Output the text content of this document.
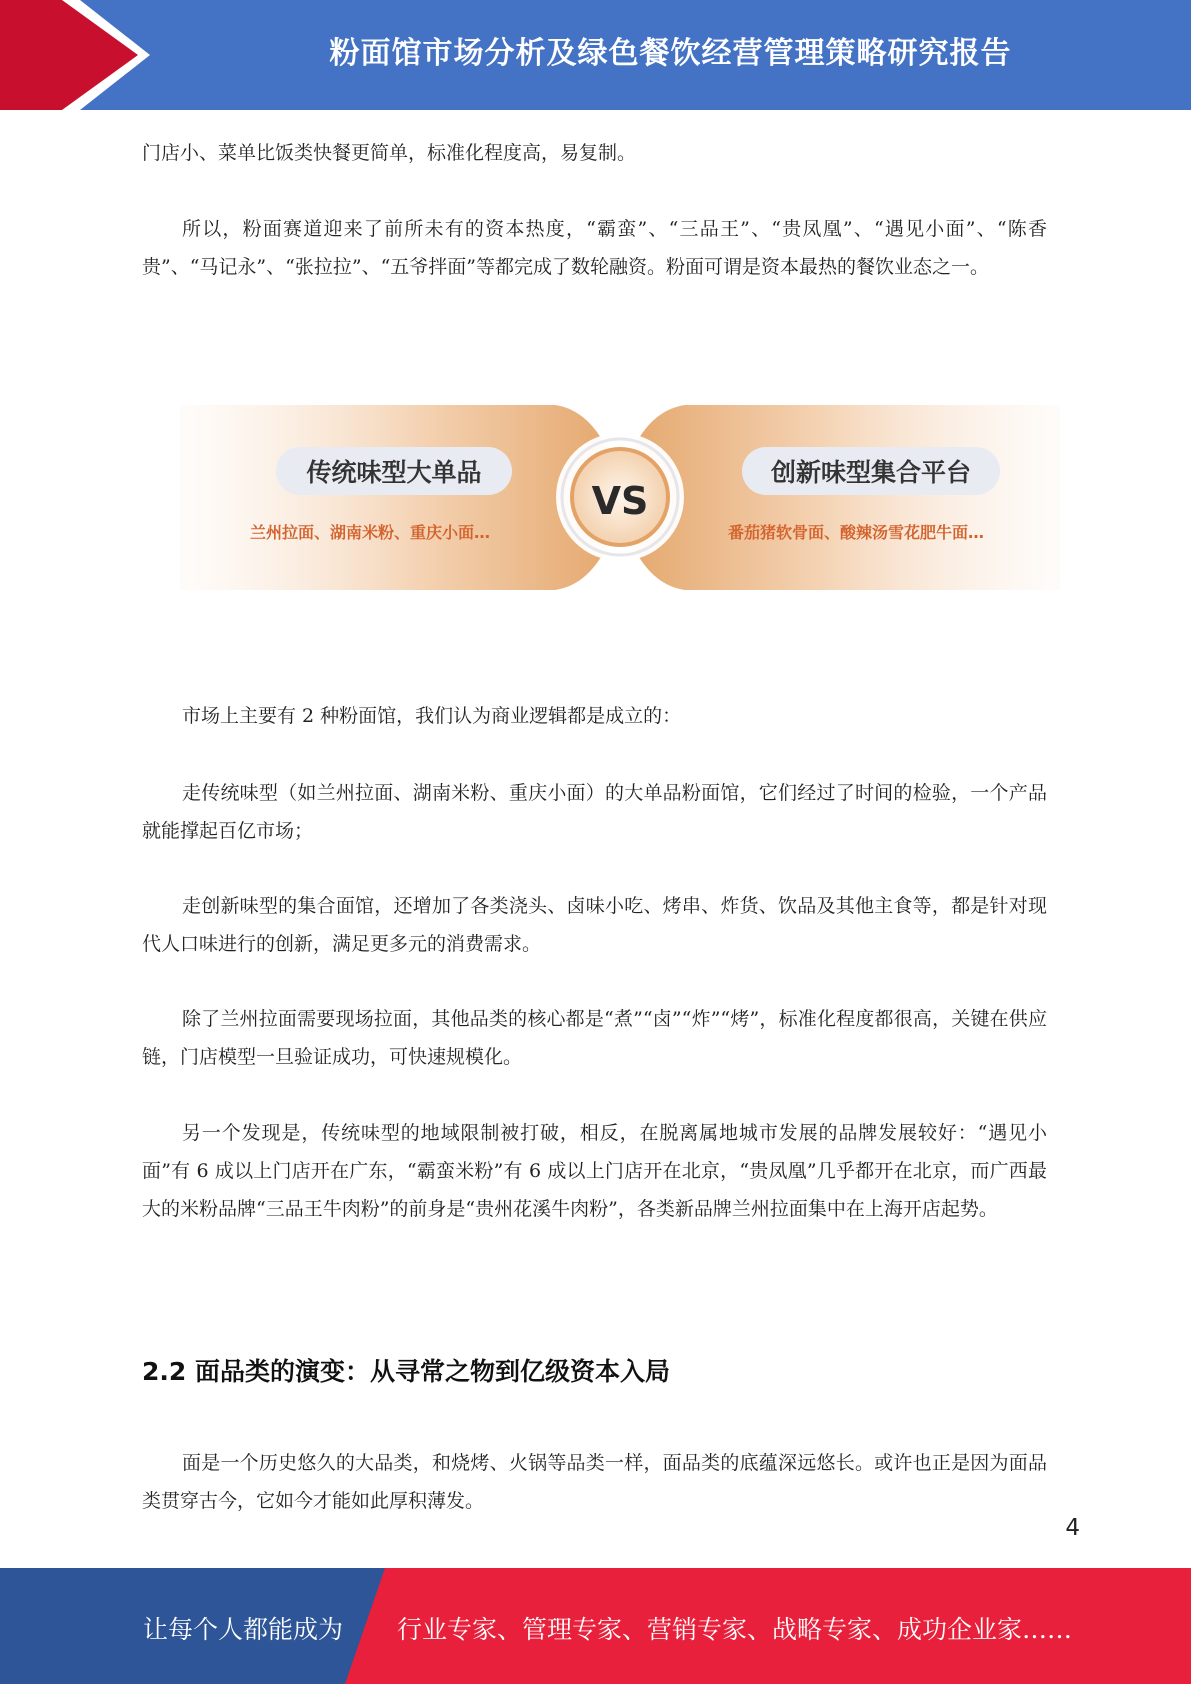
粉面馆市场分析及绿色餐饮经营管理策略研究报告

门店小、菜单比饭类快餐更简单，标准化程度高，易复制。

所以，粉面赛道迎来了前所未有的资本热度，“霸蛮”、“三品王”、“贵凤凰”、“遇见小面”、“陈香贵”、“马记永”、“张拉拉”、“五爷拌面”等都完成了数轮融资。粉面可谓是资本最热的餐饮业态之一。

传统味型大单品
兰州拉面、湖南米粉、重庆小面…
VS
创新味型集合平台
番茄猪软骨面、酸辣汤雪花肥牛面…

市场上主要有 2 种粉面馆，我们认为商业逻辑都是成立的：

走传统味型（如兰州拉面、湖南米粉、重庆小面）的大单品粉面馆，它们经过了时间的检验，一个产品就能撑起百亿市场；

走创新味型的集合面馆，还增加了各类浇头、卤味小吃、烤串、炸货、饮品及其他主食等，都是针对现代人口味进行的创新，满足更多元的消费需求。

除了兰州拉面需要现场拉面，其他品类的核心都是“煮”“卤”“炸”“烤”，标准化程度都很高，关键在供应链，门店模型一旦验证成功，可快速规模化。

另一个发现是，传统味型的地域限制被打破，相反，在脱离属地城市发展的品牌发展较好：“遇见小面”有 6 成以上门店开在广东，“霸蛮米粉”有 6 成以上门店开在北京，“贵凤凰”几乎都开在北京，而广西最大的米粉品牌“三品王牛肉粉”的前身是“贵州花溪牛肉粉”，各类新品牌兰州拉面集中在上海开店起势。

2.2 面品类的演变：从寻常之物到亿级资本入局

面是一个历史悠久的大品类，和烧烤、火锅等品类一样，面品类的底蕴深远悠长。或许也正是因为面品类贯穿古今，它如今才能如此厚积薄发。

4
让每个人都能成为 行业专家、管理专家、营销专家、战略专家、成功企业家……
